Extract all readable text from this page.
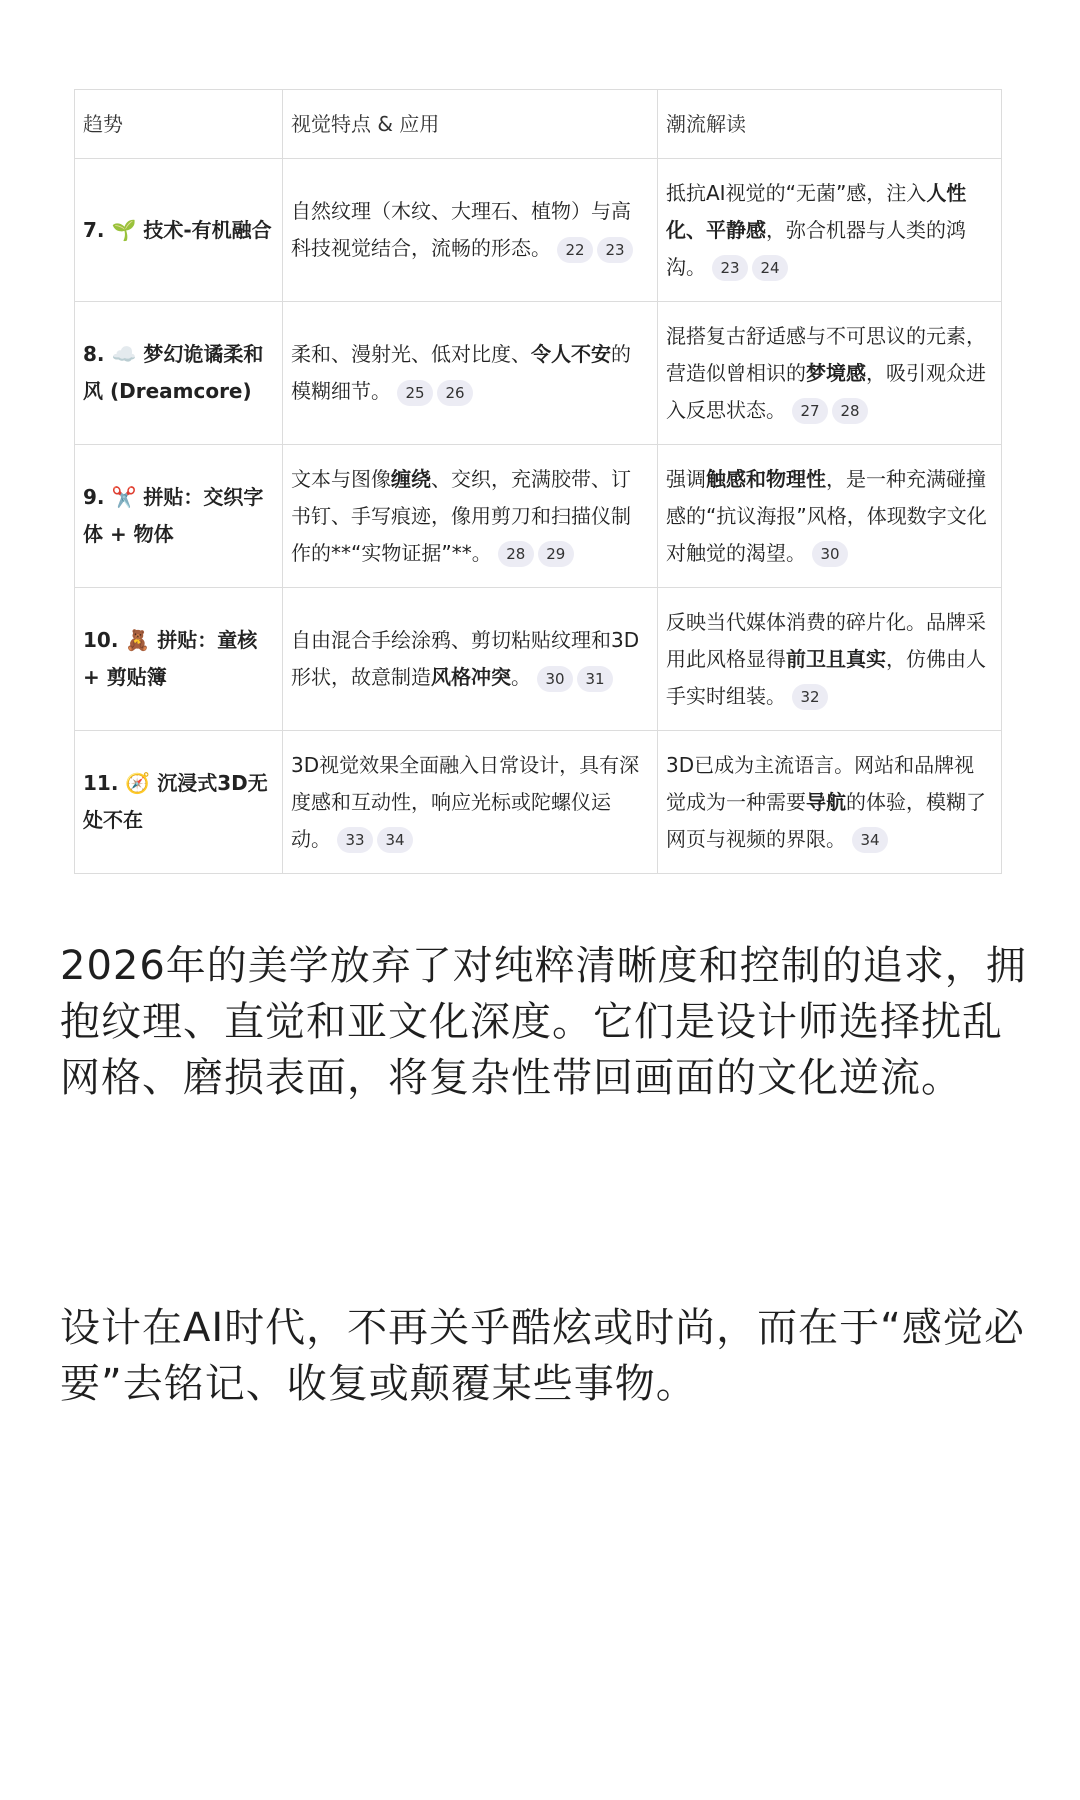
趋势	视觉特点 & 应用	潮流解读
7. 🌱 技术-有机融合	自然纹理（木纹、大理石、植物）与高科技视觉结合，流畅的形态。 22 23	抵抗AI视觉的“无菌”感，注入人性化、平静感，弥合机器与人类的鸿沟。 23 24
8. ☁️ 梦幻诡谲柔和风 (Dreamcore)	柔和、漫射光、低对比度、令人不安的模糊细节。 25 26	混搭复古舒适感与不可思议的元素，营造似曾相识的梦境感，吸引观众进入反思状态。 27 28
9. ✂️ 拼贴：交织字体 + 物体	文本与图像缠绕、交织，充满胶带、订书钉、手写痕迹，像用剪刀和扫描仪制作的**“实物证据”**。 28 29	强调触感和物理性，是一种充满碰撞感的“抗议海报”风格，体现数字文化对触觉的渴望。 30
10. 🧸 拼贴：童核 + 剪贴簿	自由混合手绘涂鸦、剪切粘贴纹理和3D形状，故意制造风格冲突。 30 31	反映当代媒体消费的碎片化。品牌采用此风格显得前卫且真实，仿佛由人手实时组装。 32
11. 🧭 沉浸式3D无处不在	3D视觉效果全面融入日常设计，具有深度感和互动性，响应光标或陀螺仪运动。 33 34	3D已成为主流语言。网站和品牌视觉成为一种需要导航的体验，模糊了网页与视频的界限。 34

2026年的美学放弃了对纯粹清晰度和控制的追求，拥抱纹理、直觉和亚文化深度。它们是设计师选择扰乱网格、磨损表面，将复杂性带回画面的文化逆流。

设计在AI时代，不再关乎酷炫或时尚，而在于“感觉必要”去铭记、收复或颠覆某些事物。
